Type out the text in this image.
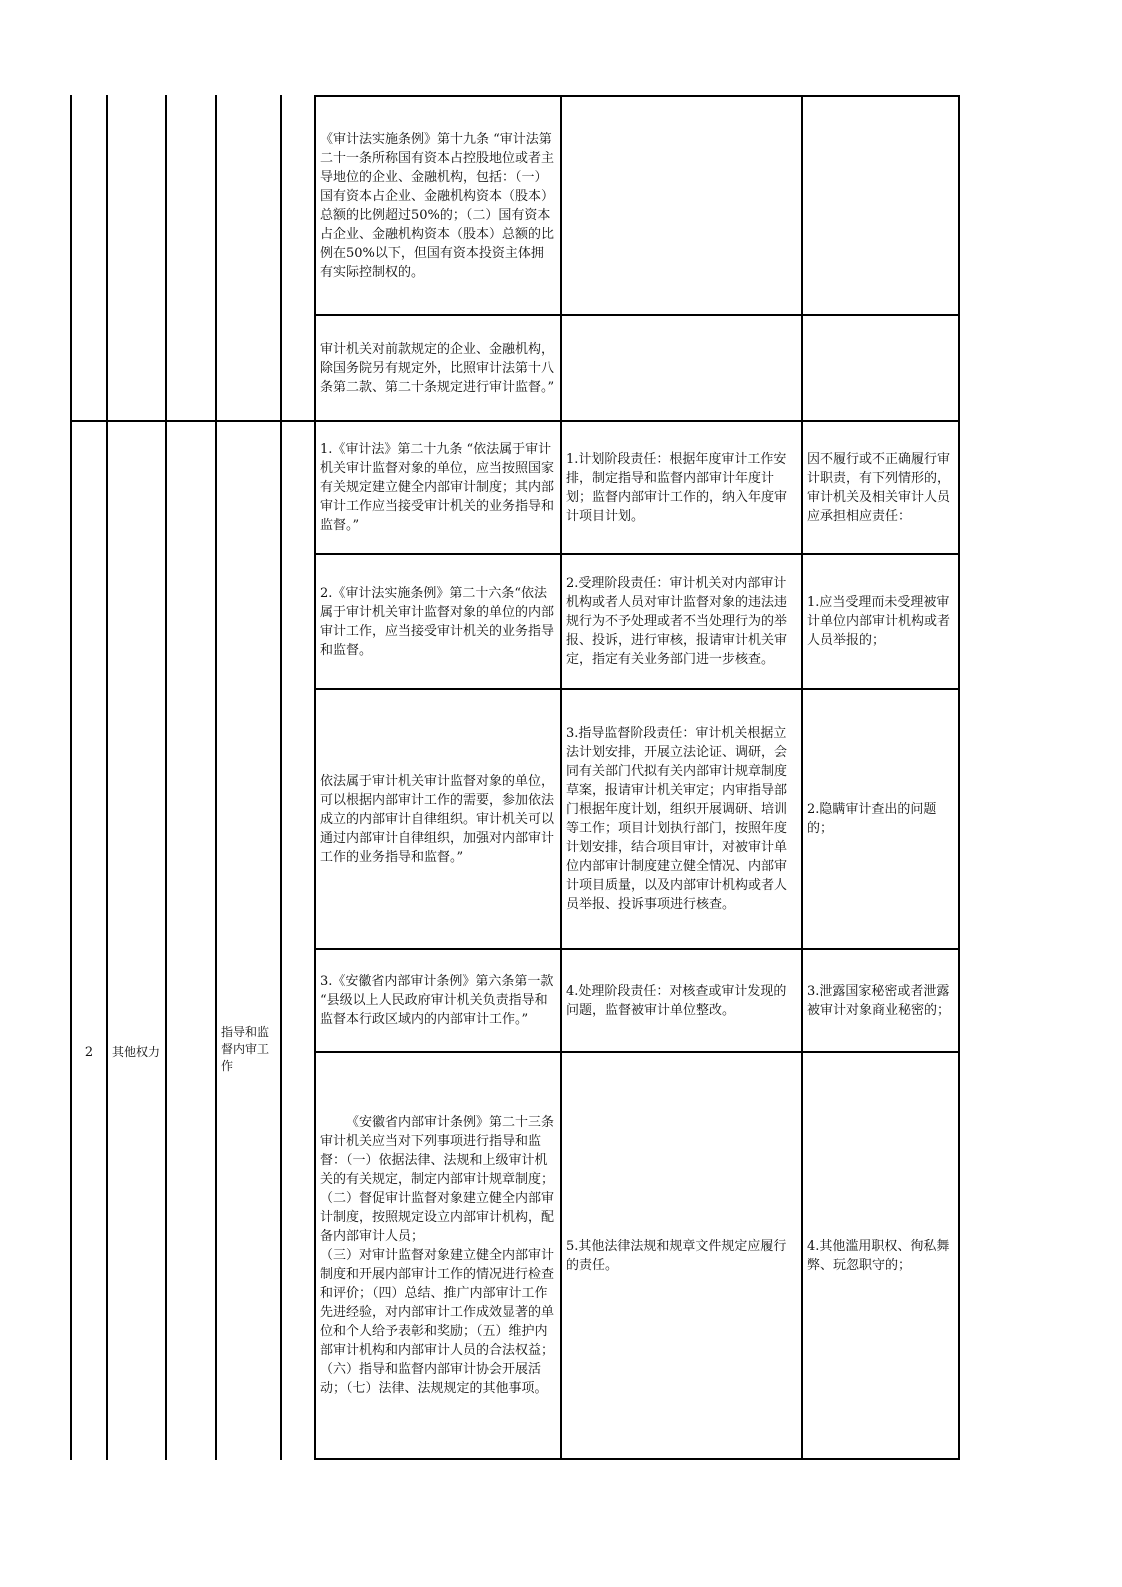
《审计法实施条例》第十九条 “审计法第二十一条所称国有资本占控股地位或者主导地位的企业、金融机构，包括：（一）国有资本占企业、金融机构资本（股本）总额的比例超过50%的；（二）国有资本占企业、金融机构资本（股本）总额的比例在50%以下，但国有资本投资主体拥有实际控制权的。
审计机关对前款规定的企业、金融机构，除国务院另有规定外，比照审计法第十八条第二款、第二十条规定进行审计监督。”
2	其他权力
指导和监督内审工作
1.《审计法》第二十九条 “依法属于审计机关审计监督对象的单位，应当按照国家有关规定建立健全内部审计制度；其内部审计工作应当接受审计机关的业务指导和监督。”
2.《审计法实施条例》第二十六条“依法属于审计机关审计监督对象的单位的内部审计工作，应当接受审计机关的业务指导和监督。
依法属于审计机关审计监督对象的单位，可以根据内部审计工作的需要，参加依法成立的内部审计自律组织。审计机关可以通过内部审计自律组织，加强对内部审计工作的业务指导和监督。”
3.《安徽省内部审计条例》第六条第一款 “县级以上人民政府审计机关负责指导和监督本行政区域内的内部审计工作。”
《安徽省内部审计条例》第二十三条 审计机关应当对下列事项进行指导和监督：（一）依据法律、法规和上级审计机关的有关规定，制定内部审计规章制度；
（二）督促审计监督对象建立健全内部审计制度，按照规定设立内部审计机构，配备内部审计人员；
（三）对审计监督对象建立健全内部审计制度和开展内部审计工作的情况进行检查和评价；（四）总结、推广内部审计工作先进经验，对内部审计工作成效显著的单位和个人给予表彰和奖励；（五）维护内部审计机构和内部审计人员的合法权益；（六）指导和监督内部审计协会开展活动；（七）法律、法规规定的其他事项。
1.计划阶段责任：根据年度审计工作安排，制定指导和监督内部审计年度计划；监督内部审计工作的，纳入年度审计项目计划。
2.受理阶段责任：审计机关对内部审计机构或者人员对审计监督对象的违法违规行为不予处理或者不当处理行为的举报、投诉，进行审核，报请审计机关审定，指定有关业务部门进一步核查。
3.指导监督阶段责任：审计机关根据立法计划安排，开展立法论证、调研，会同有关部门代拟有关内部审计规章制度草案，报请审计机关审定；内审指导部门根据年度计划，组织开展调研、培训等工作；项目计划执行部门，按照年度计划安排，结合项目审计，对被审计单位内部审计制度建立健全情况、内部审计项目质量，以及内部审计机构或者人员举报、投诉事项进行核查。
4.处理阶段责任：对核查或审计发现的问题，监督被审计单位整改。
5.其他法律法规和规章文件规定应履行的责任。
因不履行或不正确履行审计职责，有下列情形的，审计机关及相关审计人员应承担相应责任：
1.应当受理而未受理被审计单位内部审计机构或者人员举报的；
2.隐瞒审计查出的问题的；
3.泄露国家秘密或者泄露被审计对象商业秘密的；
4.其他滥用职权、徇私舞弊、玩忽职守的；
